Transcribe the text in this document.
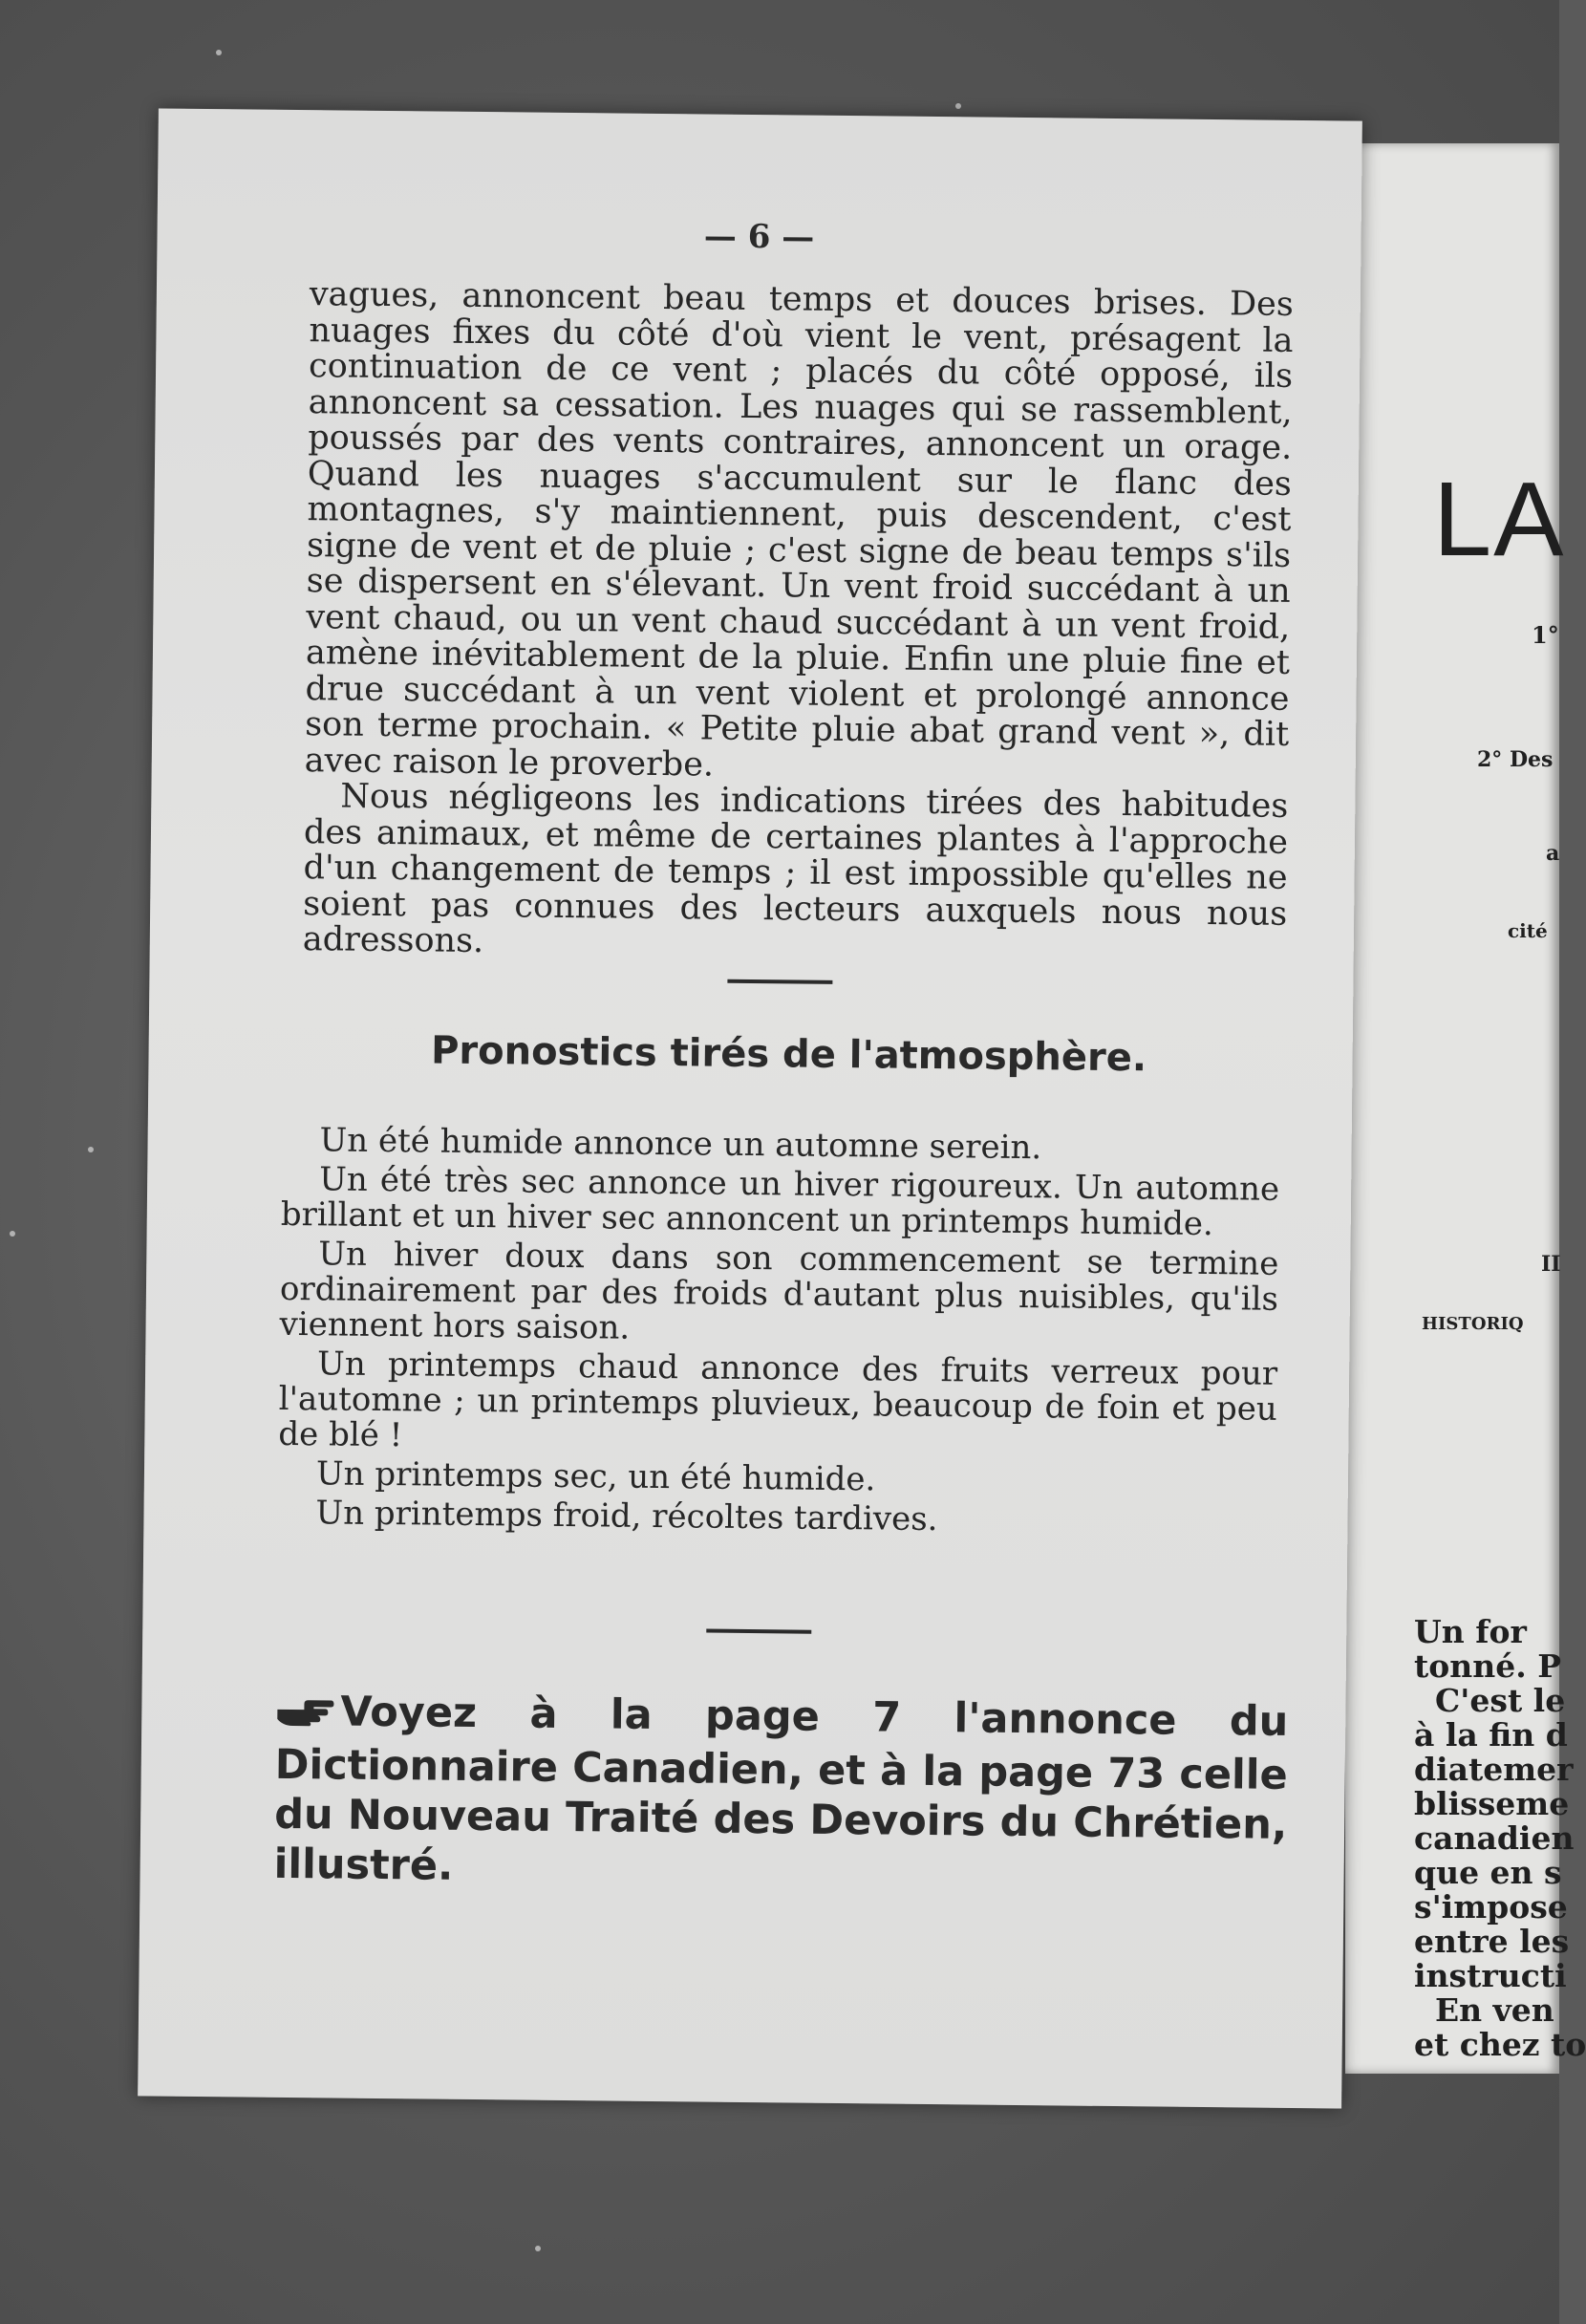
LA
1°
2° Des
a
cité
II
HISTORIQ
Un for
tonné. P
C'est le
à la fin d
diatemer
blisseme
canadien
que en s
s'impose
entre les
instructi
En ven
et chez to
— 6 —

vagues, annoncent beau temps et douces brises. Des nuages fixes du côté d'où vient le vent, présagent la continuation de ce vent ; placés du côté opposé, ils annoncent sa cessation. Les nuages qui se rassemblent, poussés par des vents contraires, annoncent un orage. Quand les nuages s'accumulent sur le flanc des montagnes, s'y maintiennent, puis descendent, c'est signe de vent et de pluie ; c'est signe de beau temps s'ils se dispersent en s'élevant. Un vent froid succédant à un vent chaud, ou un vent chaud succédant à un vent froid, amène inévitablement de la pluie. Enfin une pluie fine et drue succédant à un vent violent et prolongé annonce son terme prochain. « Petite pluie abat grand vent », dit avec raison le proverbe.

Nous négligeons les indications tirées des habitudes des animaux, et même de certaines plantes à l'approche d'un changement de temps ; il est impossible qu'elles ne soient pas connues des lecteurs auxquels nous nous adressons.

Pronostics tirés de l'atmosphère.

Un été humide annonce un automne serein.

Un été très sec annonce un hiver rigoureux. Un automne brillant et un hiver sec annoncent un printemps humide.

Un hiver doux dans son commencement se termine ordinairement par des froids d'autant plus nuisibles, qu'ils viennent hors saison.

Un printemps chaud annonce des fruits verreux pour l'automne ; un printemps pluvieux, beaucoup de foin et peu de blé !

Un printemps sec, un été humide.

Un printemps froid, récoltes tardives.

Voyez à la page 7 l'annonce du Dictionnaire Canadien, et à la page 73 celle du Nouveau Traité des Devoirs du Chrétien, illustré.
